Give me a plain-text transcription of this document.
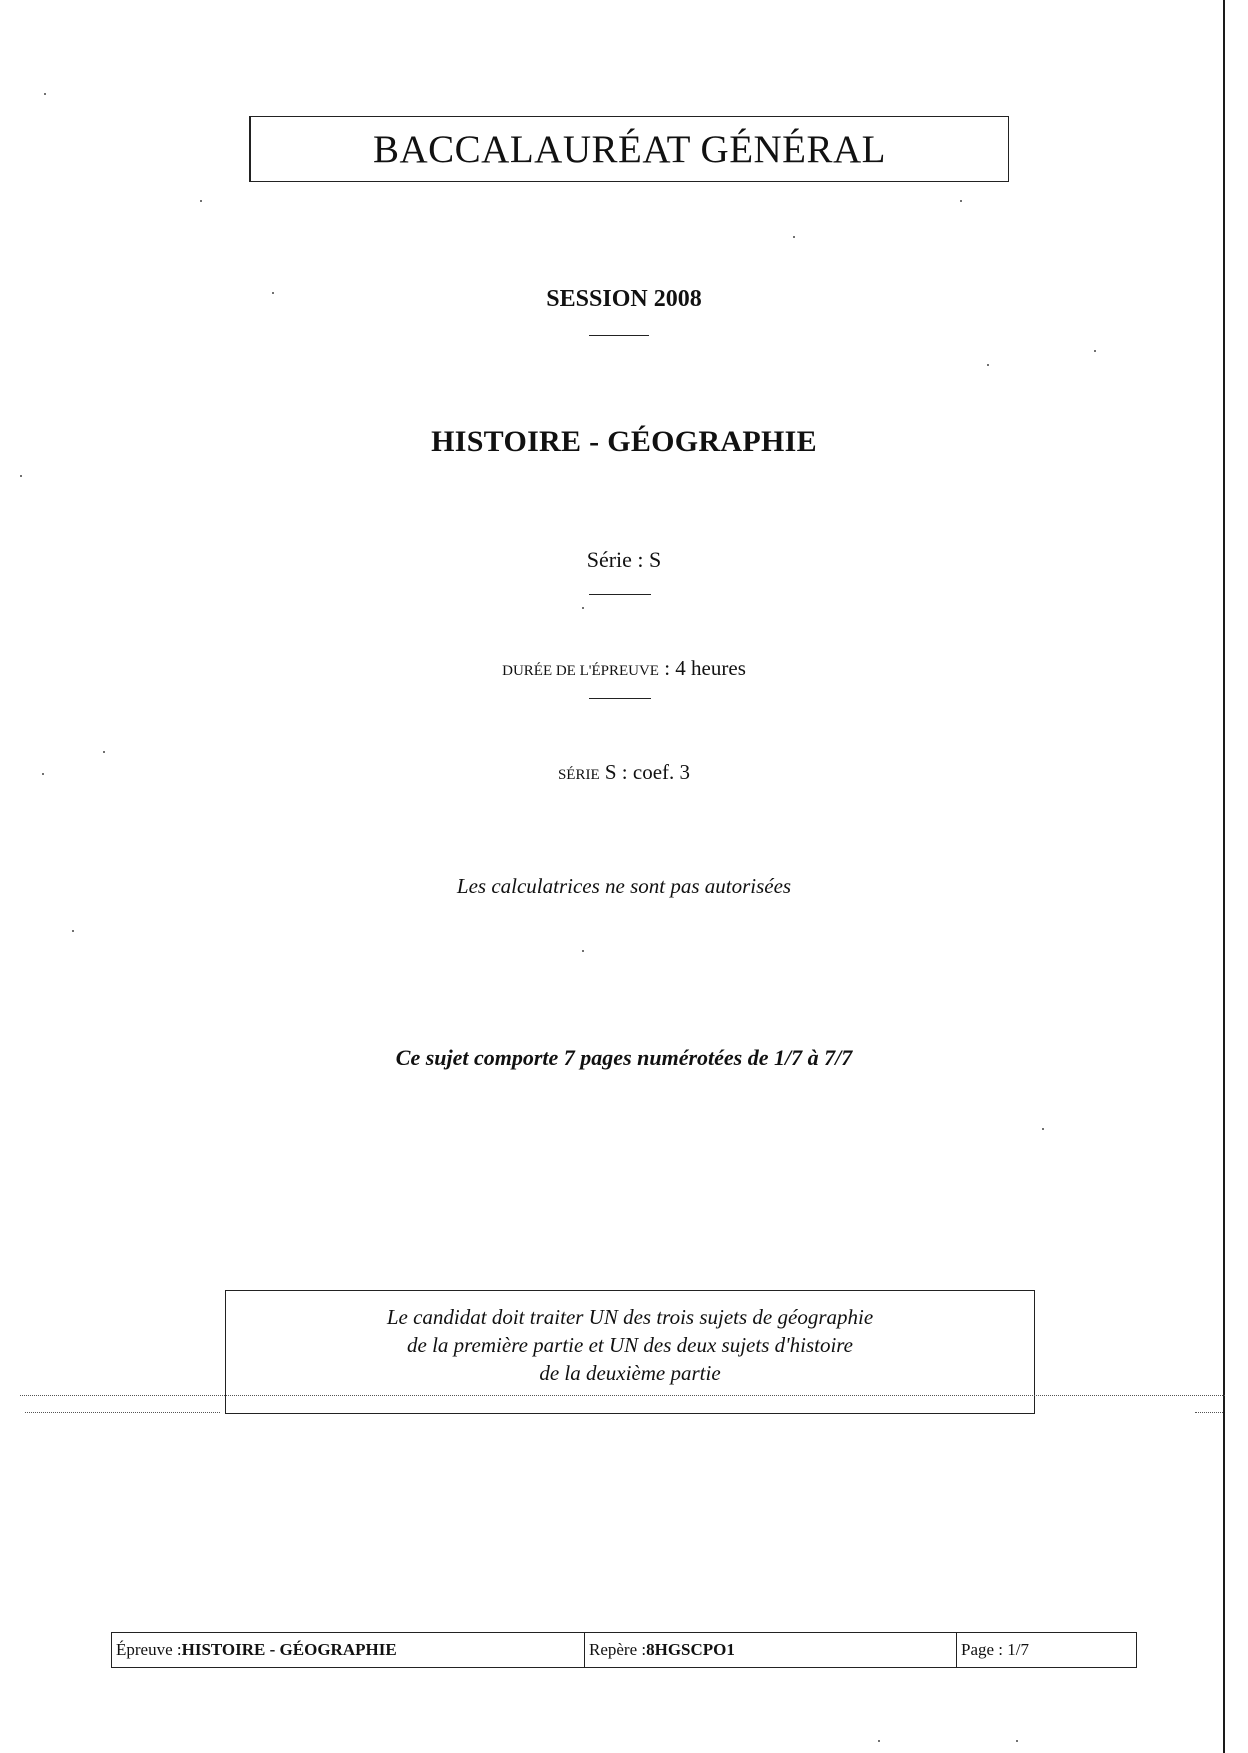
BACCALAURÉAT GÉNÉRAL
SESSION 2008
HISTOIRE - GÉOGRAPHIE
Série : S
DURÉE DE L'ÉPREUVE : 4 heures
SÉRIE S : coef. 3
Les calculatrices ne sont pas autorisées
Ce sujet comporte 7 pages numérotées de 1/7 à 7/7
Le candidat doit traiter UN des trois sujets de géographie
de la première partie et UN des deux sujets d'histoire
de la deuxième partie
Épreuve : HISTOIRE - GÉOGRAPHIE	Repère : 8HGSCPO1	Page : 1/7
